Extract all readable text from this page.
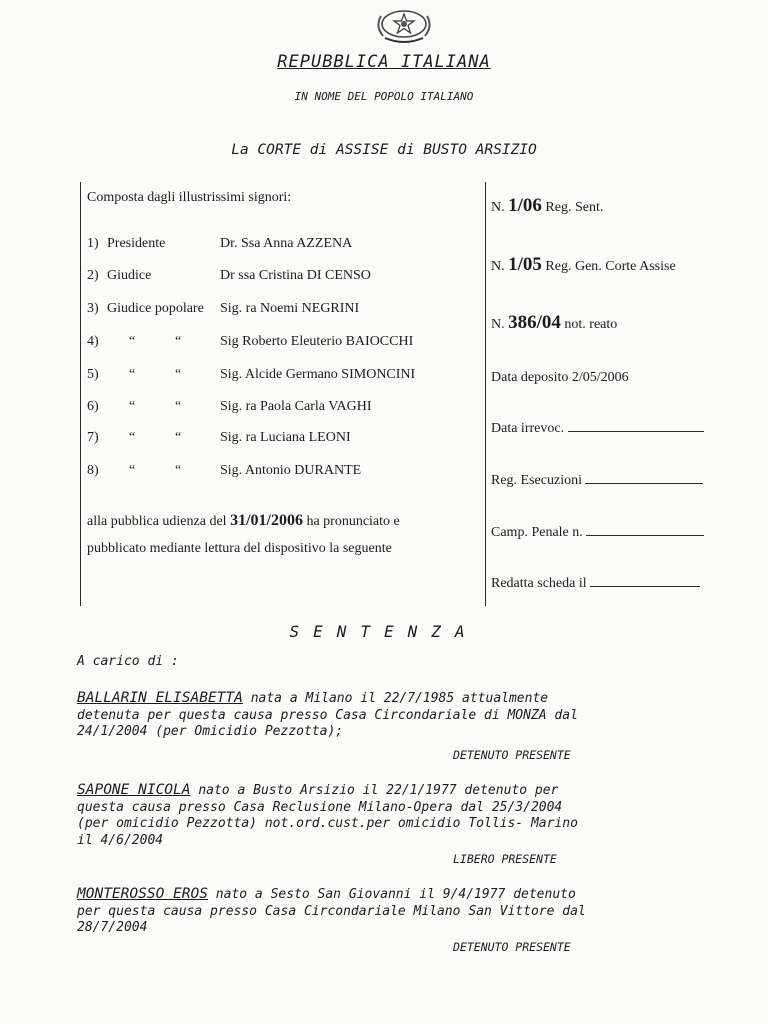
REPUBBLICA ITALIANA
IN NOME DEL POPOLO ITALIANO
La CORTE di ASSISE di BUSTO ARSIZIO
Composta dagli illustrissimi signori:
1) Presidente	Dr. Ssa Anna AZZENA
2) Giudice	Dr ssa Cristina DI CENSO
3) Giudice popolare Sig. ra Noemi NEGRINI
4) “	“	Sig Roberto Eleuterio BAIOCCHI
5) “	“	Sig. Alcide Germano SIMONCINI
6) “	“	Sig. ra Paola Carla VAGHI
7) “	“	Sig. ra Luciana LEONI
8) “	“	Sig. Antonio DURANTE
alla pubblica udienza del 31/01/2006 ha pronunciato e
pubblicato mediante lettura del dispositivo la seguente
N. 1/06 Reg. Sent.
N. 1/05 Reg. Gen. Corte Assise
N. 386/04 not. reato
Data deposito 2/05/2006
Data irrevoc.
Reg. Esecuzioni
Camp. Penale n.
Redatta scheda il
SENTENZA
A carico di :
BALLARIN ELISABETTA nata a Milano il 22/7/1985 attualmente
detenuta per questa causa presso Casa Circondariale di MONZA dal
24/1/2004 (per Omicidio Pezzotta);
DETENUTO PRESENTE
SAPONE NICOLA nato a Busto Arsizio il 22/1/1977 detenuto per
questa causa presso Casa Reclusione Milano-Opera dal 25/3/2004
(per omicidio Pezzotta) not.ord.cust.per omicidio Tollis- Marino
il 4/6/2004
LIBERO PRESENTE
MONTEROSSO EROS nato a Sesto San Giovanni il 9/4/1977 detenuto
per questa causa presso Casa Circondariale Milano San Vittore dal
28/7/2004
DETENUTO PRESENTE
